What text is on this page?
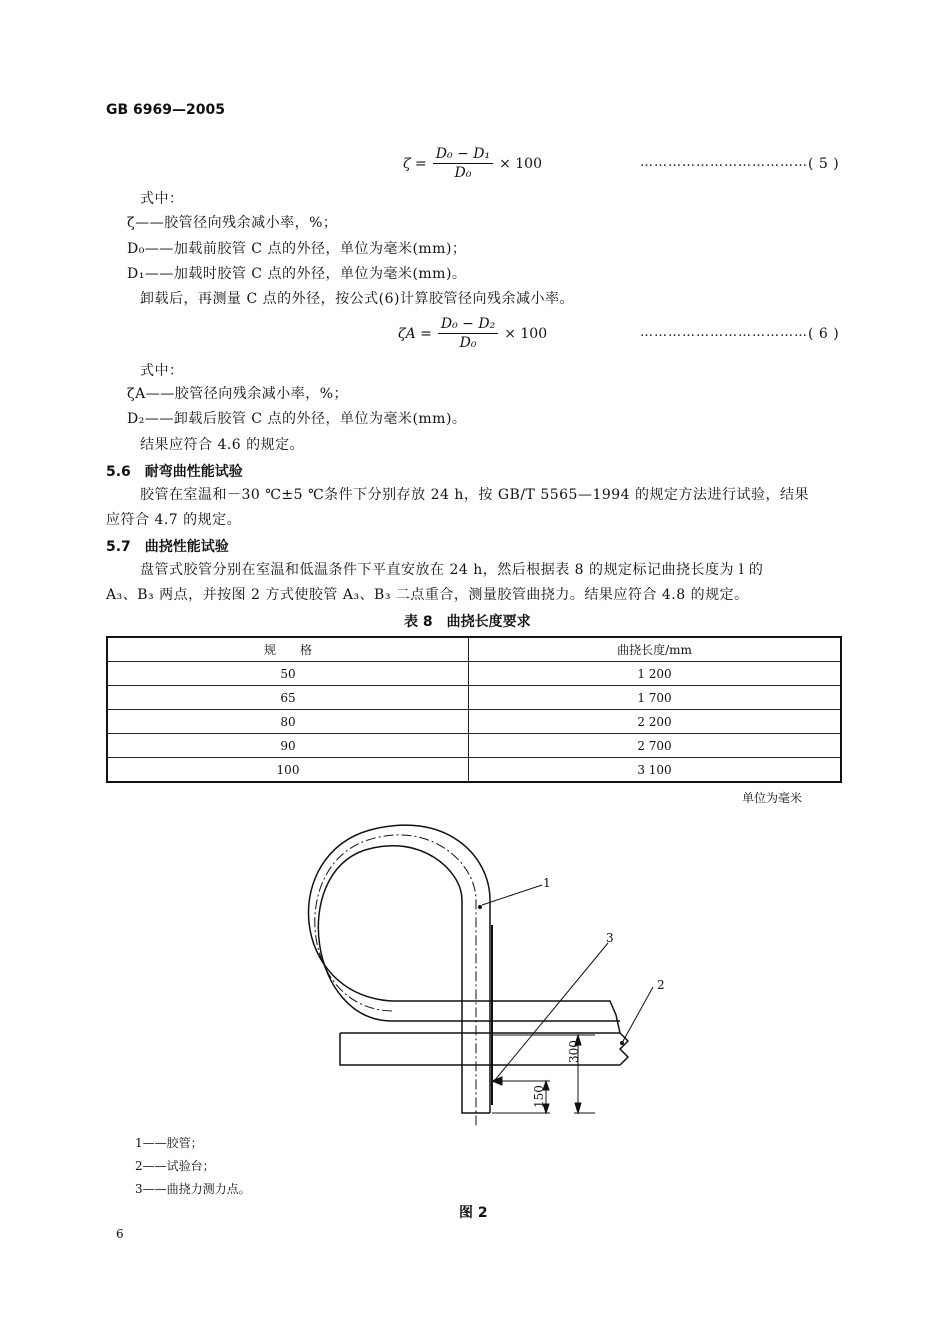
GB 6969—2005
$\zeta = \frac{\text{D₀ − D₁}}{\text{D₀}} \times 100$	……………………………… ( 5 )
式中：
ζ——胶管径向残余减小率，%；
D₀——加载前胶管 C 点的外径，单位为毫米(mm)；
D₁——加载时胶管 C 点的外径，单位为毫米(mm)。
卸载后，再测量 C 点的外径，按公式(6)计算胶管径向残余减小率。
$\zeta A = \frac{\text{D₀ − D₂}}{\text{D₀}} \times 100$	……………………………… ( 6 )
式中：
ζA——胶管径向残余减小率，%；
D₂——卸载后胶管 C 点的外径，单位为毫米(mm)。
结果应符合 4.6 的规定。
5.6　耐弯曲性能试验
胶管在室温和－30 ℃±5 ℃条件下分别存放 24 h，按 GB/T 5565—1994 的规定方法进行试验，结果
应符合 4.7 的规定。
5.7　曲挠性能试验
盘管式胶管分别在室温和低温条件下平直安放在 24 h，然后根据表 8 的规定标记曲挠长度为 l 的
A₃、B₃ 两点，并按图 2 方式使胶管 A₃、B₃ 二点重合，测量胶管曲挠力。结果应符合 4.8 的规定。
表 8　曲挠长度要求
规　　格	曲挠长度/mm
50	1 200
65	1 700
80	2 200
90	2 700
100	3 100
单位为毫米
1
2
3
300
150
1——胶管；
2——试验台；
3——曲挠力测力点。
图 2
6
